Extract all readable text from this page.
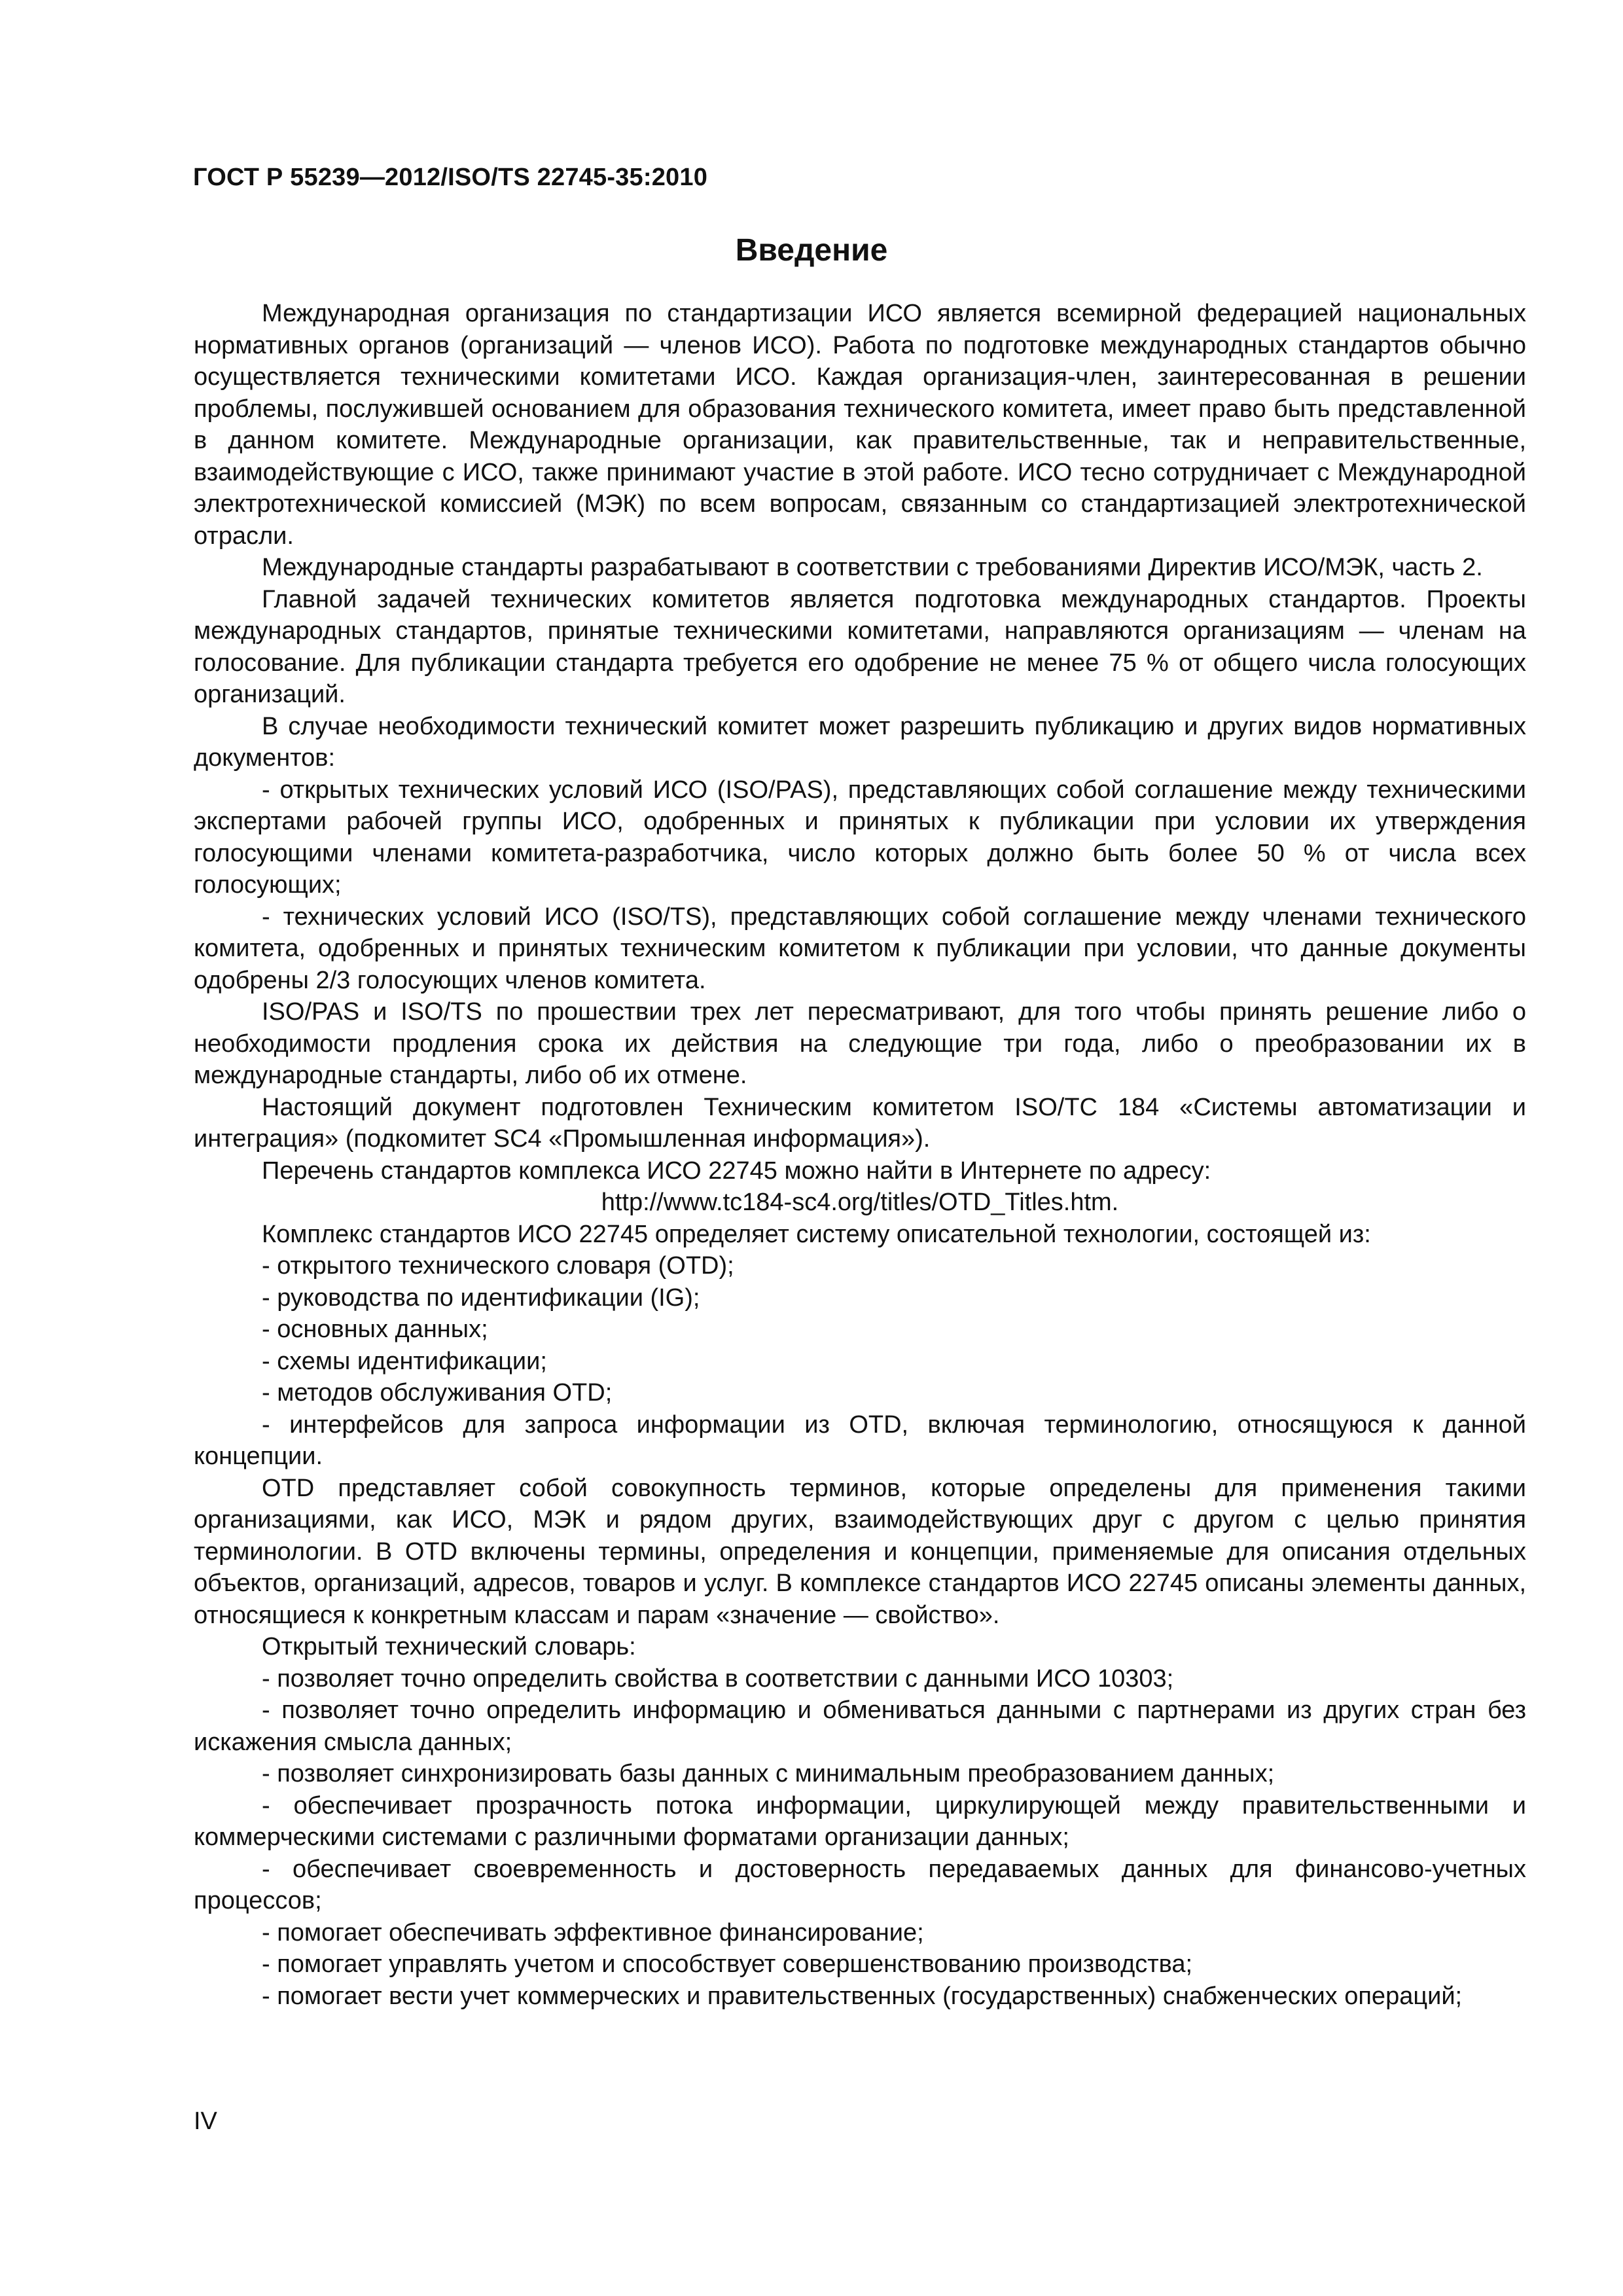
ГОСТ Р 55239—2012/ISO/TS 22745-35:2010
Введение

Международная организация по стандартизации ИСО является всемирной федерацией национальных нормативных органов (организаций — членов ИСО). Работа по подготовке международных стандартов обычно осуществляется техническими комитетами ИСО. Каждая организация-член, заинтересованная в решении проблемы, послужившей основанием для образования технического комитета, имеет право быть представленной в данном комитете. Международные организации, как правительственные, так и неправительственные, взаимодействующие с ИСО, также принимают участие в этой работе. ИСО тесно сотрудничает с Международной электротехнической комиссией (МЭК) по всем вопросам, связанным со стандартизацией электротехнической отрасли.

Международные стандарты разрабатывают в соответствии с требованиями Директив ИСО/МЭК, часть 2.

Главной задачей технических комитетов является подготовка международных стандартов. Проекты международных стандартов, принятые техническими комитетами, направляются организациям — членам на голосование. Для публикации стандарта требуется его одобрение не менее 75 % от общего числа голосующих организаций.

В случае необходимости технический комитет может разрешить публикацию и других видов нормативных документов:

- открытых технических условий ИСО (ISO/PAS), представляющих собой соглашение между техническими экспертами рабочей группы ИСО, одобренных и принятых к публикации при условии их утверждения голосующими членами комитета-разработчика, число которых должно быть более 50 % от числа всех голосующих;

- технических условий ИСО (ISO/TS), представляющих собой соглашение между членами технического комитета, одобренных и принятых техническим комитетом к публикации при условии, что данные документы одобрены 2/3 голосующих членов комитета.

ISO/PAS и ISO/TS по прошествии трех лет пересматривают, для того чтобы принять решение либо о необходимости продления срока их действия на следующие три года, либо о преобразовании их в международные стандарты, либо об их отмене.

Настоящий документ подготовлен Техническим комитетом ISO/TC 184 «Системы автоматизации и интеграция» (подкомитет SC4 «Промышленная информация»).

Перечень стандартов комплекса ИСО 22745 можно найти в Интернете по адресу:

http://www.tc184-sc4.org/titles/OTD_Titles.htm.

Комплекс стандартов ИСО 22745 определяет систему описательной технологии, состоящей из:

- открытого технического словаря (OTD);

- руководства по идентификации (IG);

- основных данных;

- схемы идентификации;

- методов обслуживания OTD;

- интерфейсов для запроса информации из OTD, включая терминологию, относящуюся к данной концепции.

OTD представляет собой совокупность терминов, которые определены для применения такими организациями, как ИСО, МЭК и рядом других, взаимодействующих друг с другом с целью принятия терминологии. В OTD включены термины, определения и концепции, применяемые для описания отдельных объектов, организаций, адресов, товаров и услуг. В комплексе стандартов ИСО 22745 описаны элементы данных, относящиеся к конкретным классам и парам «значение — свойство».

Открытый технический словарь:

- позволяет точно определить свойства в соответствии с данными ИСО 10303;

- позволяет точно определить информацию и обмениваться данными с партнерами из других стран без искажения смысла данных;

- позволяет синхронизировать базы данных с минимальным преобразованием данных;

- обеспечивает прозрачность потока информации, циркулирующей между правительственными и коммерческими системами с различными форматами организации данных;

- обеспечивает своевременность и достоверность передаваемых данных для финансово-учетных процессов;

- помогает обеспечивать эффективное финансирование;

- помогает управлять учетом и способствует совершенствованию производства;

- помогает вести учет коммерческих и правительственных (государственных) снабженческих операций;

IV
